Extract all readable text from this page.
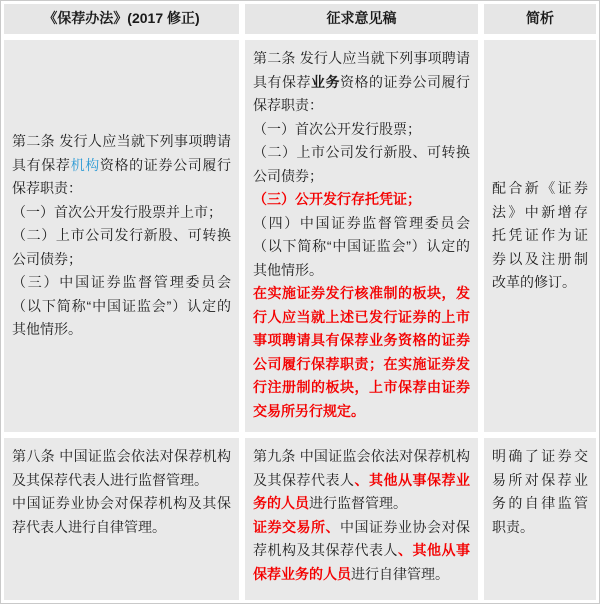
《保荐办法》(2017 修正)	征求意见稿	简析
第二条 发行人应当就下列事项聘请具有保荐机构资格的证券公司履行保荐职责：
（一）首次公开发行股票并上市；
（二）上市公司发行新股、可转换公司债券；
（三）中国证券监督管理委员会（以下简称“中国证监会”）认定的其他情形。
第二条 发行人应当就下列事项聘请具有保荐业务资格的证券公司履行保荐职责：
（一）首次公开发行股票；
（二）上市公司发行新股、可转换公司债券；
（三）公开发行存托凭证；
（四）中国证券监督管理委员会（以下简称“中国证监会”）认定的其他情形。
在实施证券发行核准制的板块，发行人应当就上述已发行证券的上市事项聘请具有保荐业务资格的证券公司履行保荐职责；在实施证券发行注册制的板块，上市保荐由证券交易所另行规定。
配合新《证券法》中新增存托凭证作为证券以及注册制改革的修订。
第八条 中国证监会依法对保荐机构及其保荐代表人进行监督管理。
中国证券业协会对保荐机构及其保荐代表人进行自律管理。
第九条 中国证监会依法对保荐机构及其保荐代表人、其他从事保荐业务的人员进行监督管理。
证券交易所、中国证券业协会对保荐机构及其保荐代表人、其他从事保荐业务的人员进行自律管理。
明确了证券交易所对保荐业务的自律监管职责。
